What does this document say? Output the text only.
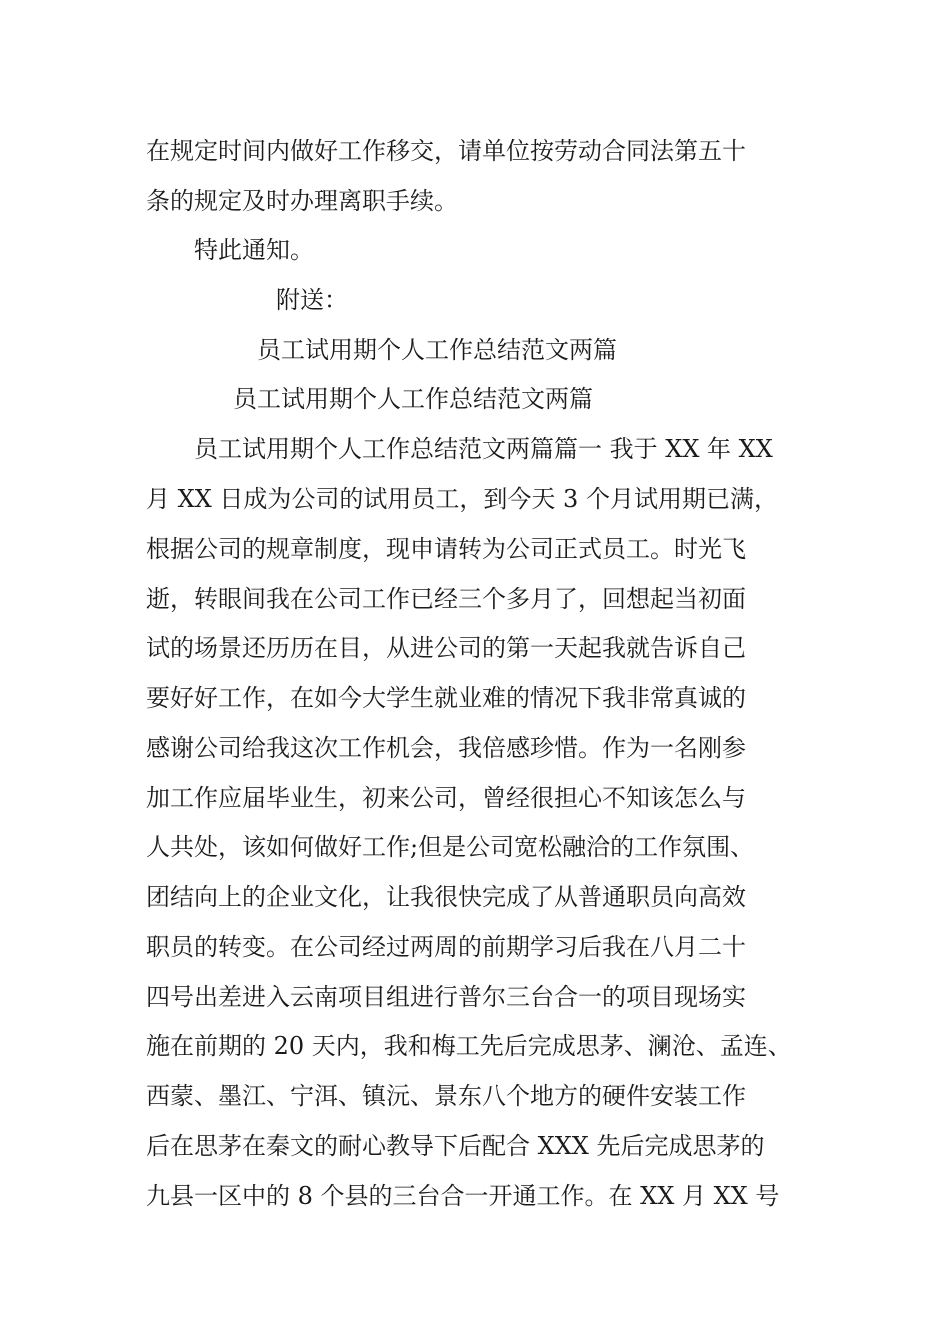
在规定时间内做好工作移交，请单位按劳动合同法第五十
条的规定及时办理离职手续。
特此通知。
附送：
员工试用期个人工作总结范文两篇
员工试用期个人工作总结范文两篇
员工试用期个人工作总结范文两篇篇一 我于 XX 年 XX
月 XX 日成为公司的试用员工，到今天 3 个月试用期已满，
根据公司的规章制度，现申请转为公司正式员工。时光飞
逝，转眼间我在公司工作已经三个多月了，回想起当初面
试的场景还历历在目，从进公司的第一天起我就告诉自己
要好好工作，在如今大学生就业难的情况下我非常真诚的
感谢公司给我这次工作机会，我倍感珍惜。作为一名刚参
加工作应届毕业生，初来公司，曾经很担心不知该怎么与
人共处，该如何做好工作;但是公司宽松融洽的工作氛围、
团结向上的企业文化，让我很快完成了从普通职员向高效
职员的转变。在公司经过两周的前期学习后我在八月二十
四号出差进入云南项目组进行普尔三台合一的项目现场实
施在前期的 20 天内，我和梅工先后完成思茅、澜沧、孟连、
西蒙、墨江、宁洱、镇沅、景东八个地方的硬件安装工作
后在思茅在秦文的耐心教导下后配合 XXX 先后完成思茅的
九县一区中的 8 个县的三台合一开通工作。在 XX 月 XX 号
